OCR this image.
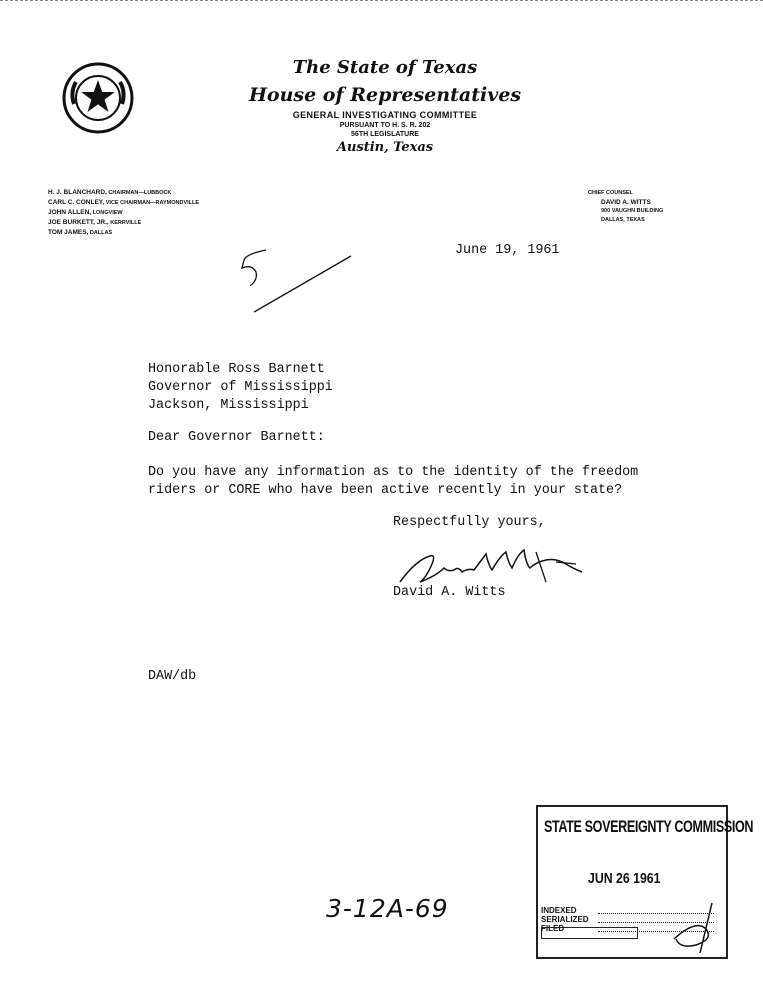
The State of Texas
House of Representatives
GENERAL INVESTIGATING COMMITTEE
PURSUANT TO H. S. R. 202
56TH LEGISLATURE
Austin, Texas
H. J. BLANCHARD, CHAIRMAN—LUBBOCK
CARL C. CONLEY, VICE CHAIRMAN—RAYMONDVILLE
JOHN ALLEN, LONGVIEW
JOE BURKETT, JR., KERRVILLE
TOM JAMES, DALLAS
CHIEF COUNSEL
DAVID A. WITTS
900 VAUGHN BUILDING
DALLAS, TEXAS
5	June 19, 1961
Honorable Ross Barnett
Governor of Mississippi
Jackson, Mississippi
Dear Governor Barnett:
Do you have any information as to the identity of the freedom
riders or CORE who have been active recently in your state?
Respectfully yours,
David A. Witts
DAW/db
STATE SOVEREIGNTY COMMISSION
JUN 26 1961
INDEXED
SERIALIZED
FILED
3-12A-69
